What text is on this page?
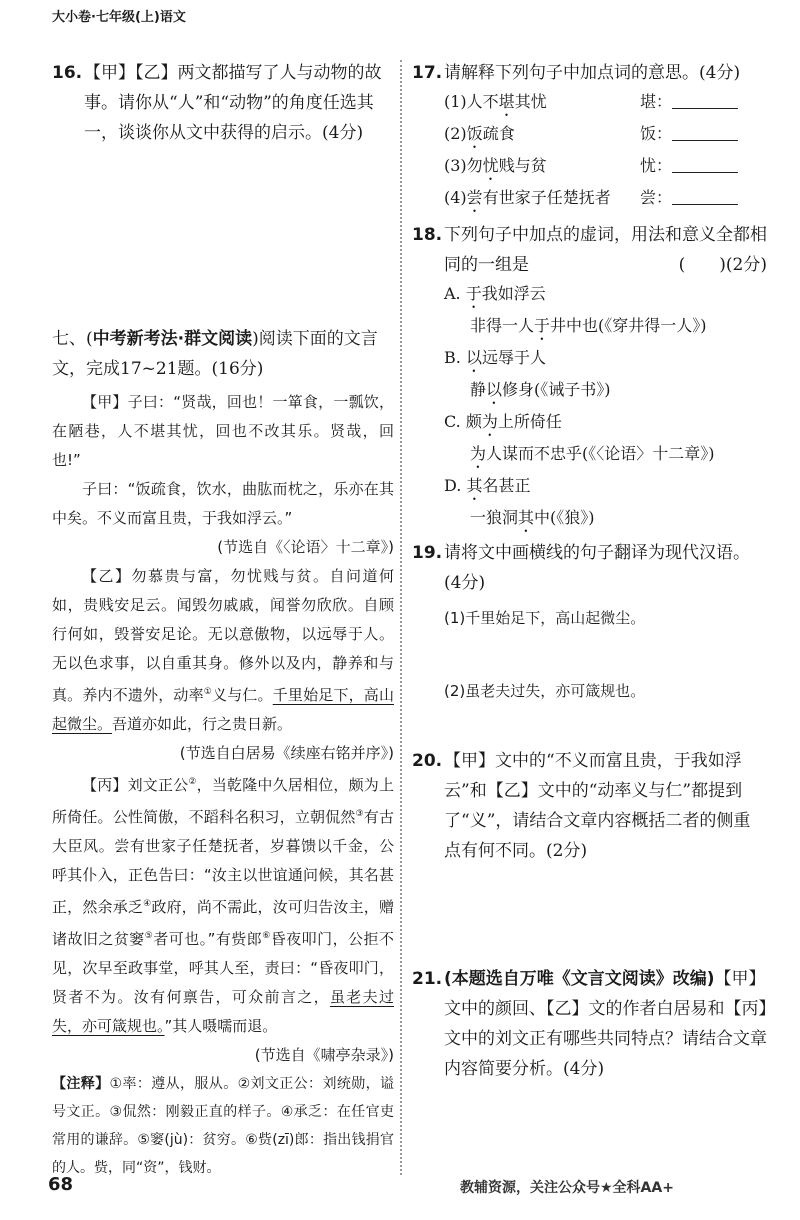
大小卷·七年级(上)语文
16. 【甲】【乙】两文都描写了人与动物的故事。请你从“人”和“动物”的角度任选其一，谈谈你从文中获得的启示。(4分)

七、(中考新考法·群文阅读)阅读下面的文言文，完成17~21题。(16分)

【甲】子曰：“贤哉，回也！一箪食，一瓢饮，在陋巷，人不堪其忧，回也不改其乐。贤哉，回也!”

子曰：“饭疏食，饮水，曲肱而枕之，乐亦在其中矣。不义而富且贵，于我如浮云。”

(节选自《〈论语〉十二章》)

【乙】勿慕贵与富，勿忧贱与贫。自问道何如，贵贱安足云。闻毁勿戚戚，闻誉勿欣欣。自顾行何如，毁誉安足论。无以意傲物，以远辱于人。无以色求事，以自重其身。修外以及内，静养和与真。养内不遗外，动率①义与仁。千里始足下，高山起微尘。吾道亦如此，行之贵日新。

(节选自白居易《续座右铭并序》)

【丙】刘文正公②，当乾隆中久居相位，颇为上所倚任。公性简傲，不蹈科名积习，立朝侃然③有古大臣风。尝有世家子任楚抚者，岁暮馈以千金，公呼其仆入，正色告曰：“汝主以世谊通问候，其名甚正，然余承乏④政府，尚不需此，汝可归告汝主，赠诸故旧之贫窭⑤者可也。”有赀郎⑥昏夜叩门，公拒不见，次早至政事堂，呼其人至，责曰：“昏夜叩门，贤者不为。汝有何禀告，可众前言之，虽老夫过失，亦可箴规也。”其人嗫嚅而退。

(节选自《啸亭杂录》)

【注释】①率：遵从，服从。②刘文正公：刘统勋，谥号文正。③侃然：刚毅正直的样子。④承乏：在任官吏常用的谦辞。⑤窭(jù)：贫穷。⑥赀(zī)郎：指出钱捐官的人。赀，同“资”，钱财。

17. 请解释下列句子中加点词的意思。(4分)

(1)人不堪其忧	堪：
(2)饭疏食	饭：
(3)勿忧贱与贫	忧：
(4)尝有世家子任楚抚者	尝：
18. 下列句子中加点的虚词，用法和意义全都相同的一组是	(　　)(2分)

A. 于我如浮云
非得一人于井中也(《穿井得一人》)
B. 以远辱于人
静以修身(《诫子书》)
C. 颇为上所倚任
为人谋而不忠乎(《〈论语〉十二章》)
D. 其名甚正
一狼洞其中(《狼》)
19. 请将文中画横线的句子翻译为现代汉语。(4分)

(1)千里始足下，高山起微尘。

(2)虽老夫过失，亦可箴规也。

20. 【甲】文中的“不义而富且贵，于我如浮云”和【乙】文中的“动率义与仁”都提到了“义”，请结合文章内容概括二者的侧重点有何不同。(2分)

21. (本题选自万唯《文言文阅读》改编)【甲】文中的颜回、【乙】文的作者白居易和【丙】文中的刘文正有哪些共同特点？请结合文章内容简要分析。(4分)

68	教辅资源，关注公众号★全科AA+
